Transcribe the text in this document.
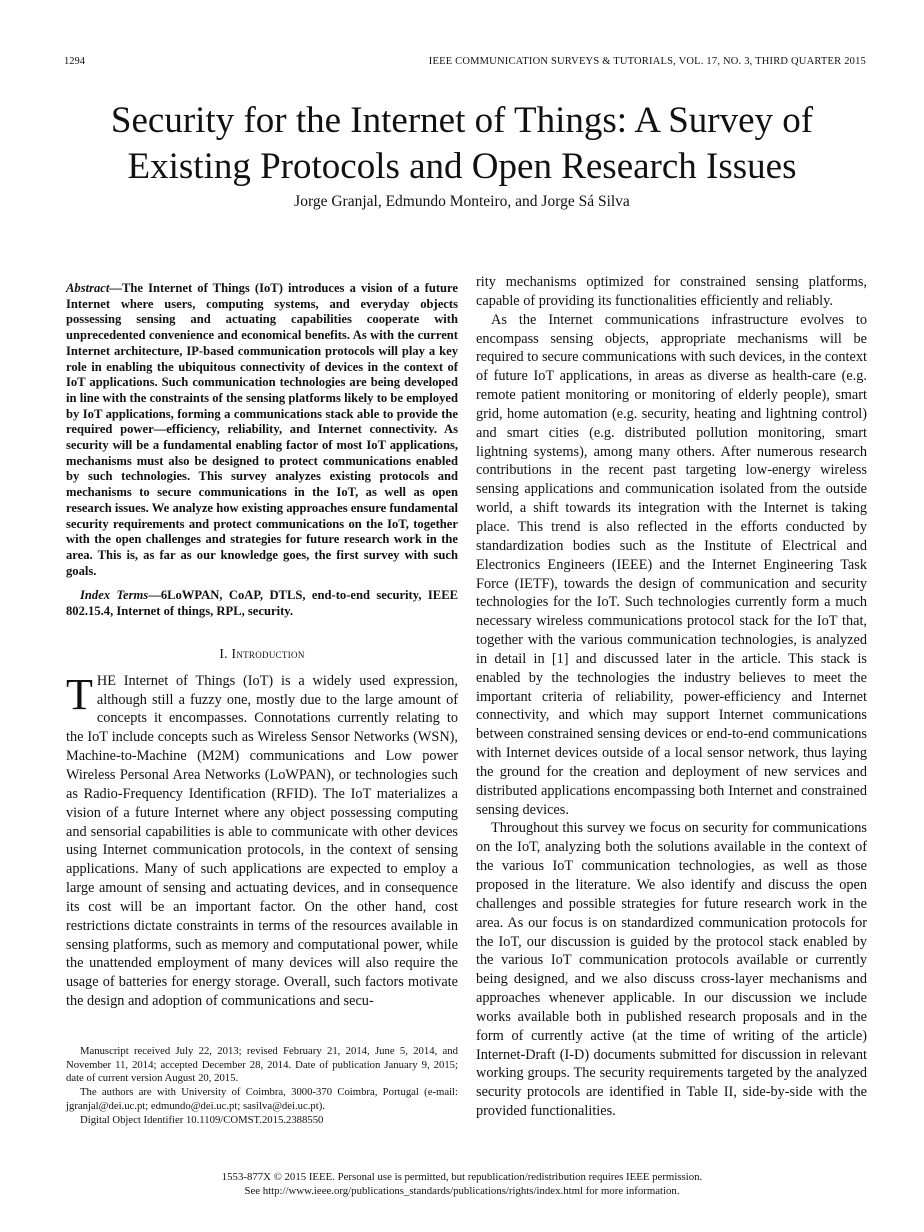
1294	IEEE COMMUNICATION SURVEYS & TUTORIALS, VOL. 17, NO. 3, THIRD QUARTER 2015
Security for the Internet of Things: A Survey of
Existing Protocols and Open Research Issues
Jorge Granjal, Edmundo Monteiro, and Jorge Sá Silva

Abstract—The Internet of Things (IoT) introduces a vision of a future Internet where users, computing systems, and everyday objects possessing sensing and actuating capabilities cooperate with unprecedented convenience and economical benefits. As with the current Internet architecture, IP-based communication protocols will play a key role in enabling the ubiquitous connectivity of devices in the context of IoT applications. Such communication technologies are being developed in line with the constraints of the sensing platforms likely to be employed by IoT applications, forming a communications stack able to provide the required power—efficiency, reliability, and Internet connectivity. As security will be a fundamental enabling factor of most IoT applications, mechanisms must also be designed to protect communications enabled by such technologies. This survey analyzes existing protocols and mechanisms to secure communications in the IoT, as well as open research issues. We analyze how existing approaches ensure fundamental security requirements and protect communications on the IoT, together with the open challenges and strategies for future research work in the area. This is, as far as our knowledge goes, the first survey with such goals.

Index Terms—6LoWPAN, CoAP, DTLS, end-to-end security, IEEE 802.15.4, Internet of things, RPL, security.

I. Introduction

THE Internet of Things (IoT) is a widely used expression, although still a fuzzy one, mostly due to the large amount of concepts it encompasses. Connotations currently relating to the IoT include concepts such as Wireless Sensor Networks (WSN), Machine-to-Machine (M2M) communications and Low power Wireless Personal Area Networks (LoWPAN), or technologies such as Radio-Frequency Identification (RFID). The IoT materializes a vision of a future Internet where any object possessing computing and sensorial capabilities is able to communicate with other devices using Internet communication protocols, in the context of sensing applications. Many of such applications are expected to employ a large amount of sensing and actuating devices, and in consequence its cost will be an important factor. On the other hand, cost restrictions dictate constraints in terms of the resources available in sensing platforms, such as memory and computational power, while the unattended employment of many devices will also require the usage of batteries for energy storage. Overall, such factors motivate the design and adoption of communications and secu-

Manuscript received July 22, 2013; revised February 21, 2014, June 5, 2014, and November 11, 2014; accepted December 28, 2014. Date of publication January 9, 2015; date of current version August 20, 2015.

The authors are with University of Coimbra, 3000-370 Coimbra, Portugal (e-mail: jgranjal@dei.uc.pt; edmundo@dei.uc.pt; sasilva@dei.uc.pt).

Digital Object Identifier 10.1109/COMST.2015.2388550

rity mechanisms optimized for constrained sensing platforms, capable of providing its functionalities efficiently and reliably.

As the Internet communications infrastructure evolves to encompass sensing objects, appropriate mechanisms will be required to secure communications with such devices, in the context of future IoT applications, in areas as diverse as health-care (e.g. remote patient monitoring or monitoring of elderly people), smart grid, home automation (e.g. security, heating and lightning control) and smart cities (e.g. distributed pollution monitoring, smart lightning systems), among many others. After numerous research contributions in the recent past targeting low-energy wireless sensing applications and communication isolated from the outside world, a shift towards its integration with the Internet is taking place. This trend is also reflected in the efforts conducted by standardization bodies such as the Institute of Electrical and Electronics Engineers (IEEE) and the Internet Engineering Task Force (IETF), towards the design of communication and security technologies for the IoT. Such technologies currently form a much necessary wireless communications protocol stack for the IoT that, together with the various communication technologies, is analyzed in detail in [1] and discussed later in the article. This stack is enabled by the technologies the industry believes to meet the important criteria of reliability, power-efficiency and Internet connectivity, and which may support Internet communications between constrained sensing devices or end-to-end communications with Internet devices outside of a local sensor network, thus laying the ground for the creation and deployment of new services and distributed applications encompassing both Internet and constrained sensing devices.

Throughout this survey we focus on security for communications on the IoT, analyzing both the solutions available in the context of the various IoT communication technologies, as well as those proposed in the literature. We also identify and discuss the open challenges and possible strategies for future research work in the area. As our focus is on standardized communication protocols for the IoT, our discussion is guided by the protocol stack enabled by the various IoT communication protocols available or currently being designed, and we also discuss cross-layer mechanisms and approaches whenever applicable. In our discussion we include works available both in published research proposals and in the form of currently active (at the time of writing of the article) Internet-Draft (I-D) documents submitted for discussion in relevant working groups. The security requirements targeted by the analyzed security protocols are identified in Table II, side-by-side with the provided functionalities.

1553-877X © 2015 IEEE. Personal use is permitted, but republication/redistribution requires IEEE permission.
See http://www.ieee.org/publications_standards/publications/rights/index.html for more information.
